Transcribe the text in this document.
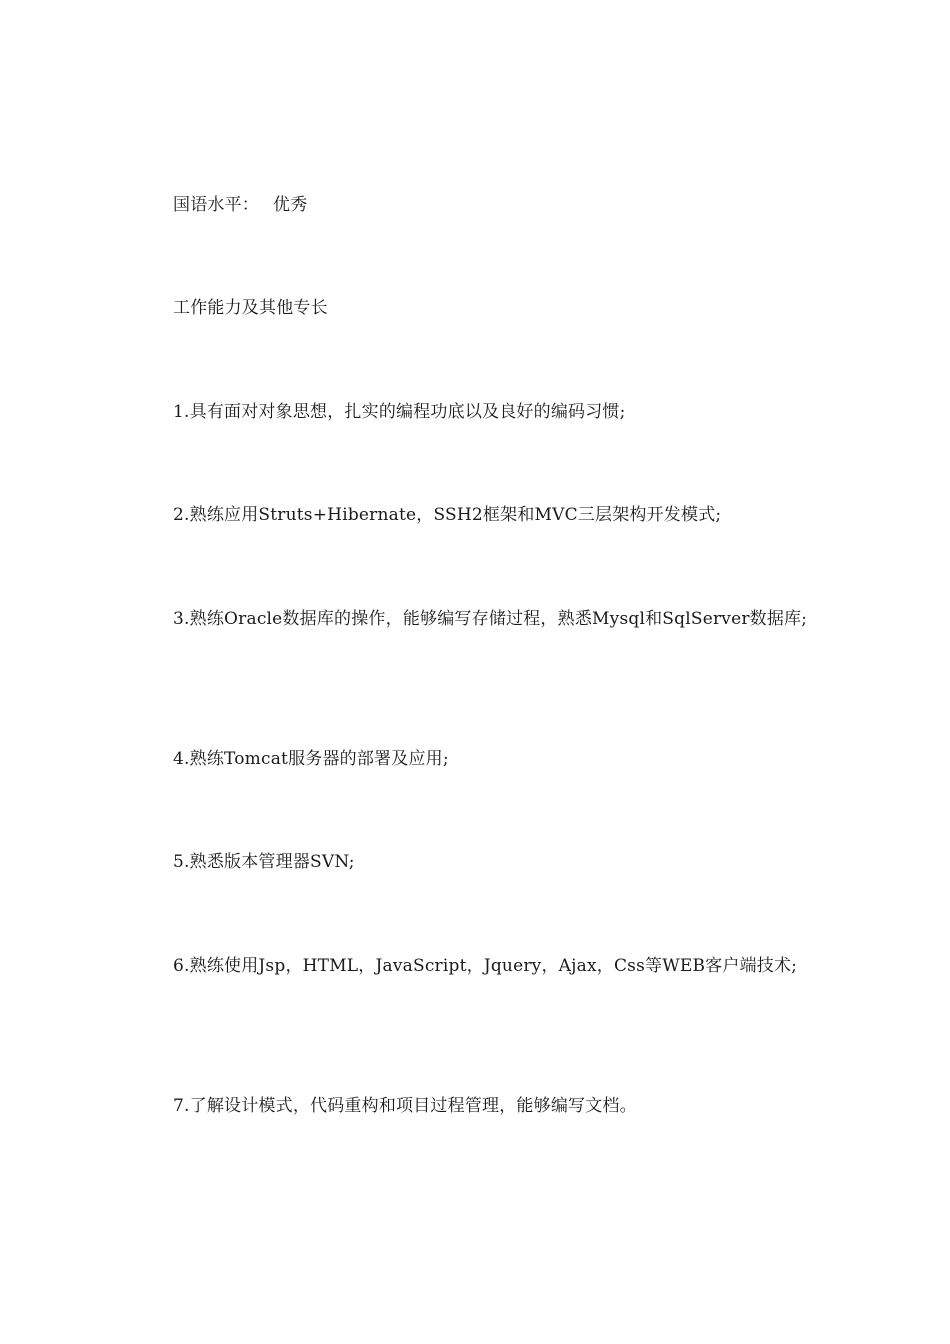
国语水平： 优秀

工作能力及其他专长

1.具有面对对象思想，扎实的编程功底以及良好的编码习惯;

2.熟练应用Struts+Hibernate，SSH2框架和MVC三层架构开发模式;

3.熟练Oracle数据库的操作，能够编写存储过程，熟悉Mysql和SqlServer数据库;

4.熟练Tomcat服务器的部署及应用;

5.熟悉版本管理器SVN;

6.熟练使用Jsp，HTML，JavaScript，Jquery，Ajax，Css等WEB客户端技术;

7.了解设计模式，代码重构和项目过程管理，能够编写文档。
